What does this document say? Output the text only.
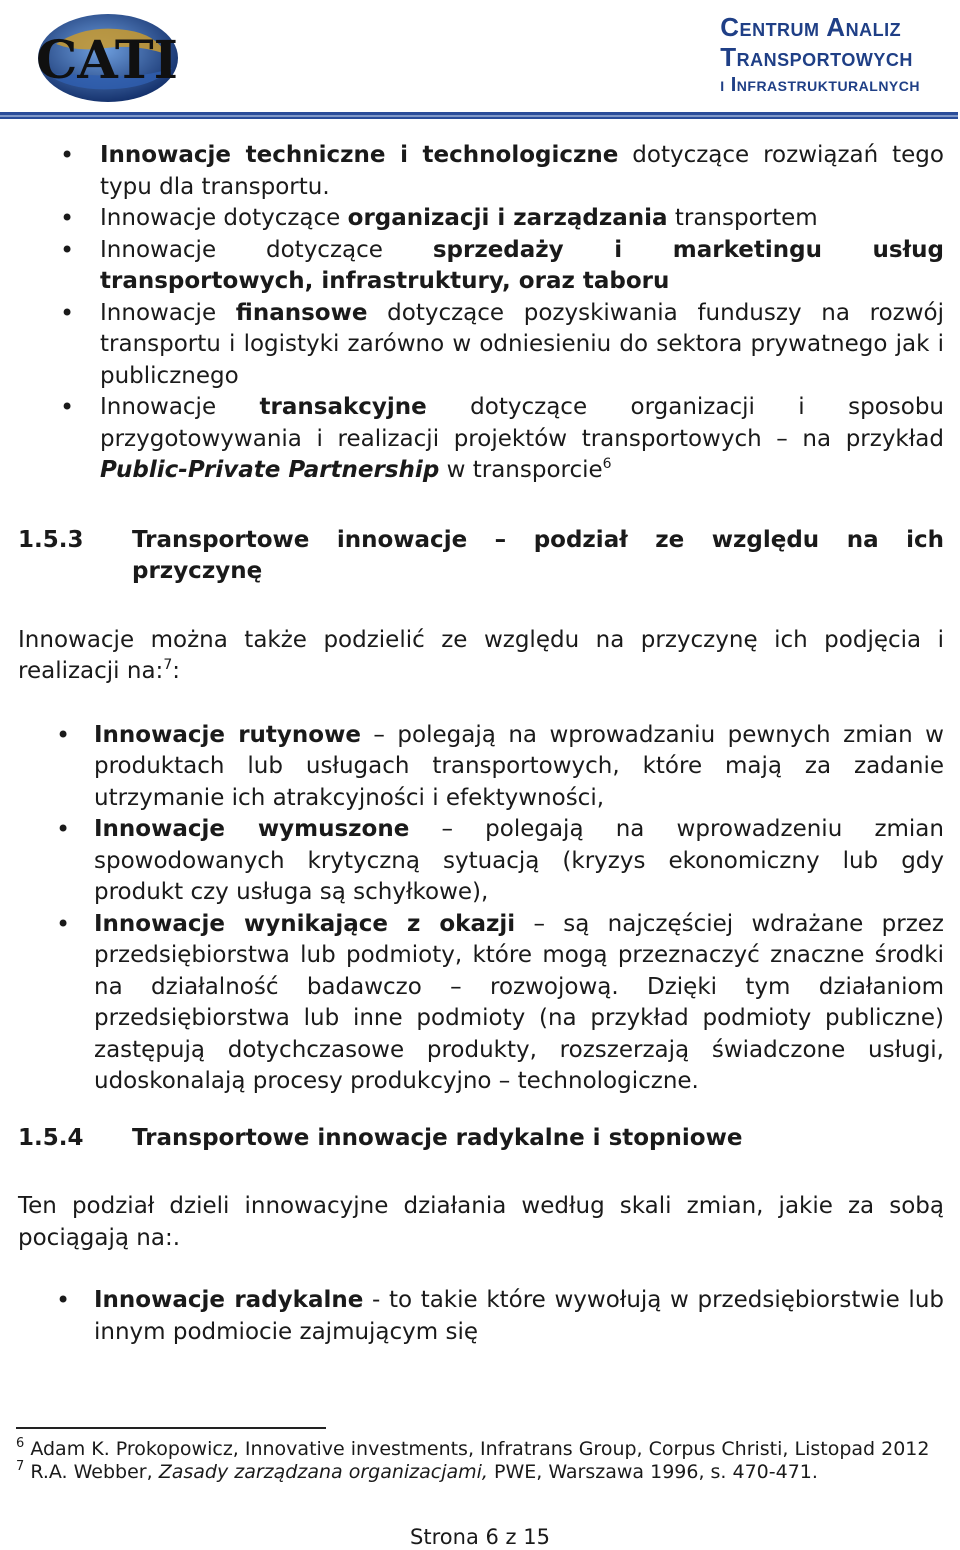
CATI
Centrum Analiz
Transportowych
i Infrastrukturalnych
• Innowacje techniczne i technologiczne dotyczące rozwiązań tego typu dla transportu.
• Innowacje dotyczące organizacji i zarządzania transportem
• Innowacje dotyczące sprzedaży i marketingu usług transportowych, infrastruktury, oraz taboru
• Innowacje finansowe dotyczące pozyskiwania funduszy na rozwój transportu i logistyki zarówno w odniesieniu do sektora prywatnego jak i publicznego
• Innowacje transakcyjne dotyczące organizacji i sposobu przygotowywania i realizacji projektów transportowych – na przykład Public-Private Partnership w transporcie$^6$
1.5.3	Transportowe innowacje – podział ze względu na ich przyczynę

Innowacje można także podzielić ze względu na przyczynę ich podjęcia i realizacji na:$^7$:

• Innowacje rutynowe – polegają na wprowadzaniu pewnych zmian w produktach lub usługach transportowych, które mają za zadanie utrzymanie ich atrakcyjności i efektywności,
• Innowacje wymuszone – polegają na wprowadzeniu zmian spowodowanych krytyczną sytuacją (kryzys ekonomiczny lub gdy produkt czy usługa są schyłkowe),
• Innowacje wynikające z okazji – są najczęściej wdrażane przez przedsiębiorstwa lub podmioty, które mogą przeznaczyć znaczne środki na działalność badawczo – rozwojową. Dzięki tym działaniom przedsiębiorstwa lub inne podmioty (na przykład podmioty publiczne) zastępują dotychczasowe produkty, rozszerzają świadczone usługi, udoskonalają procesy produkcyjno – technologiczne.
1.5.4	Transportowe innowacje radykalne i stopniowe

Ten podział dzieli innowacyjne działania według skali zmian, jakie za sobą pociągają na:.

• Innowacje radykalne - to takie które wywołują w przedsiębiorstwie lub innym podmiocie zajmującym się

$^6$ Adam K. Prokopowicz, Innovative investments, Infratrans Group, Corpus Christi, Listopad 2012

$^7$ R.A. Webber, Zasady zarządzana organizacjami, PWE, Warszawa 1996, s. 470-471.

Strona 6 z 15
